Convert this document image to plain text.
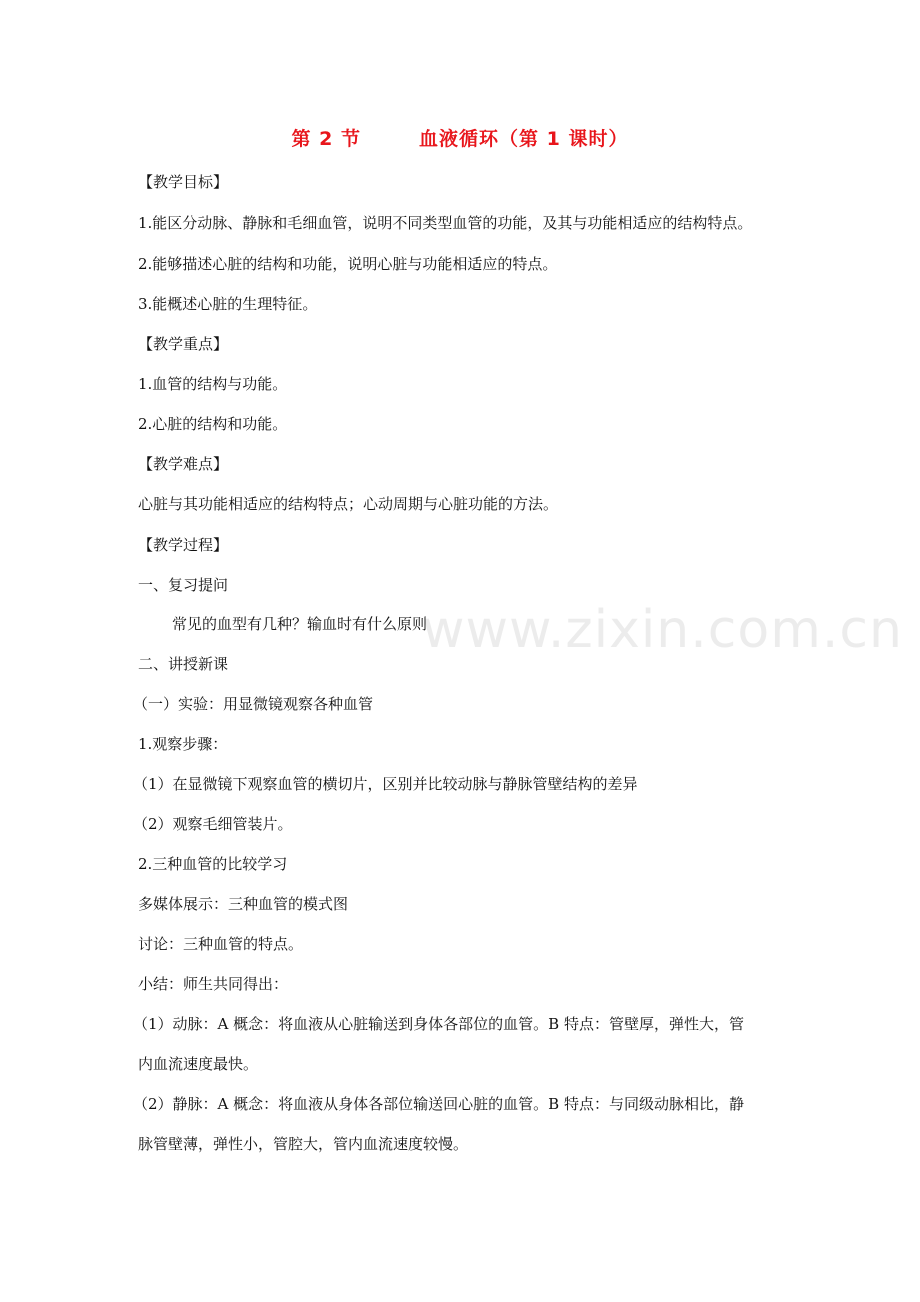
www.zixin.com.cn
第 2 节	血液循环（第 1 课时）
【教学目标】
1.能区分动脉、静脉和毛细血管，说明不同类型血管的功能，及其与功能相适应的结构特点。
2.能够描述心脏的结构和功能，说明心脏与功能相适应的特点。
3.能概述心脏的生理特征。
【教学重点】
1.血管的结构与功能。
2.心脏的结构和功能。
【教学难点】
心脏与其功能相适应的结构特点；心动周期与心脏功能的方法。
【教学过程】
一、复习提问
常见的血型有几种？输血时有什么原则
二、讲授新课
（一）实验：用显微镜观察各种血管
1.观察步骤：
（1）在显微镜下观察血管的横切片，区别并比较动脉与静脉管壁结构的差异
（2）观察毛细管装片。
2.三种血管的比较学习
多媒体展示：三种血管的模式图
讨论：三种血管的特点。
小结：师生共同得出：
（1）动脉：A 概念：将血液从心脏输送到身体各部位的血管。B 特点：管壁厚，弹性大，管
内血流速度最快。
（2）静脉：A 概念：将血液从身体各部位输送回心脏的血管。B 特点：与同级动脉相比，静
脉管壁薄，弹性小，管腔大，管内血流速度较慢。
